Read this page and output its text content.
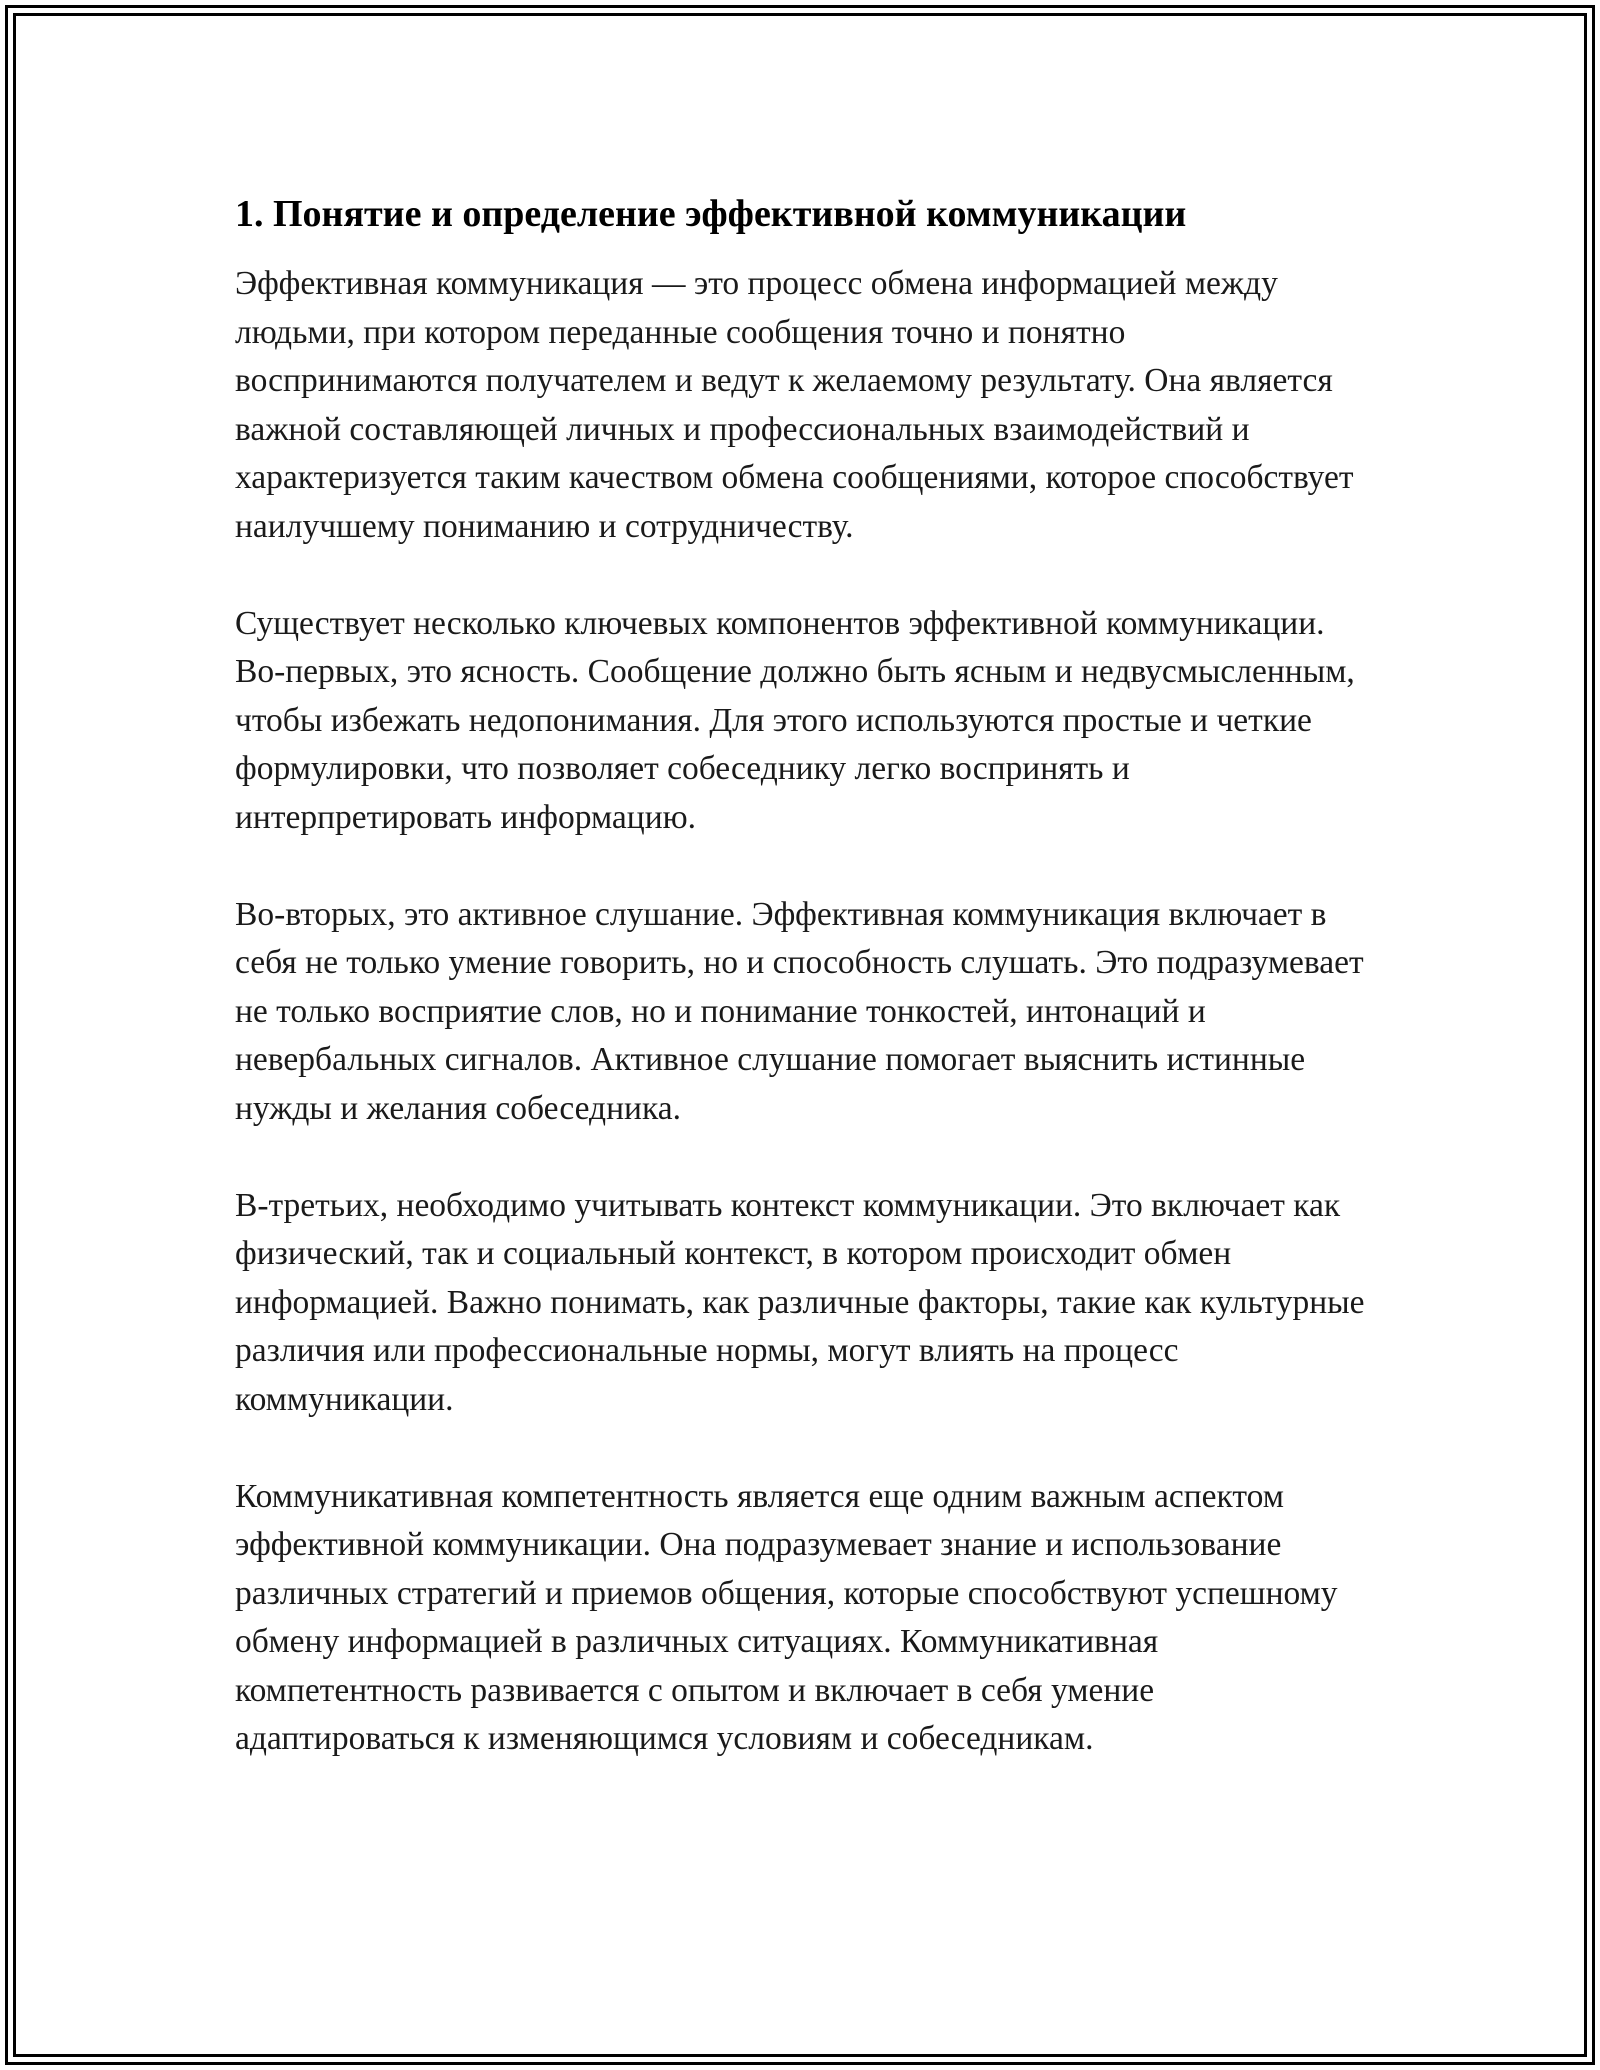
1. Понятие и определение эффективной коммуникации

Эффективная коммуникация — это процесс обмена информацией между людьми, при котором переданные сообщения точно и понятно воспринимаются получателем и ведут к желаемому результату. Она является важной составляющей личных и профессиональных взаимодействий и характеризуется таким качеством обмена сообщениями, которое способствует наилучшему пониманию и сотрудничеству.

Существует несколько ключевых компонентов эффективной коммуникации. Во-первых, это ясность. Сообщение должно быть ясным и недвусмысленным, чтобы избежать недопонимания. Для этого используются простые и четкие формулировки, что позволяет собеседнику легко воспринять и интерпретировать информацию.

Во-вторых, это активное слушание. Эффективная коммуникация включает в себя не только умение говорить, но и способность слушать. Это подразумевает не только восприятие слов, но и понимание тонкостей, интонаций и невербальных сигналов. Активное слушание помогает выяснить истинные нужды и желания собеседника.

В-третьих, необходимо учитывать контекст коммуникации. Это включает как физический, так и социальный контекст, в котором происходит обмен информацией. Важно понимать, как различные факторы, такие как культурные различия или профессиональные нормы, могут влиять на процесс коммуникации.

Коммуникативная компетентность является еще одним важным аспектом эффективной коммуникации. Она подразумевает знание и использование различных стратегий и приемов общения, которые способствуют успешному обмену информацией в различных ситуациях. Коммуникативная компетентность развивается с опытом и включает в себя умение адаптироваться к изменяющимся условиям и собеседникам.
